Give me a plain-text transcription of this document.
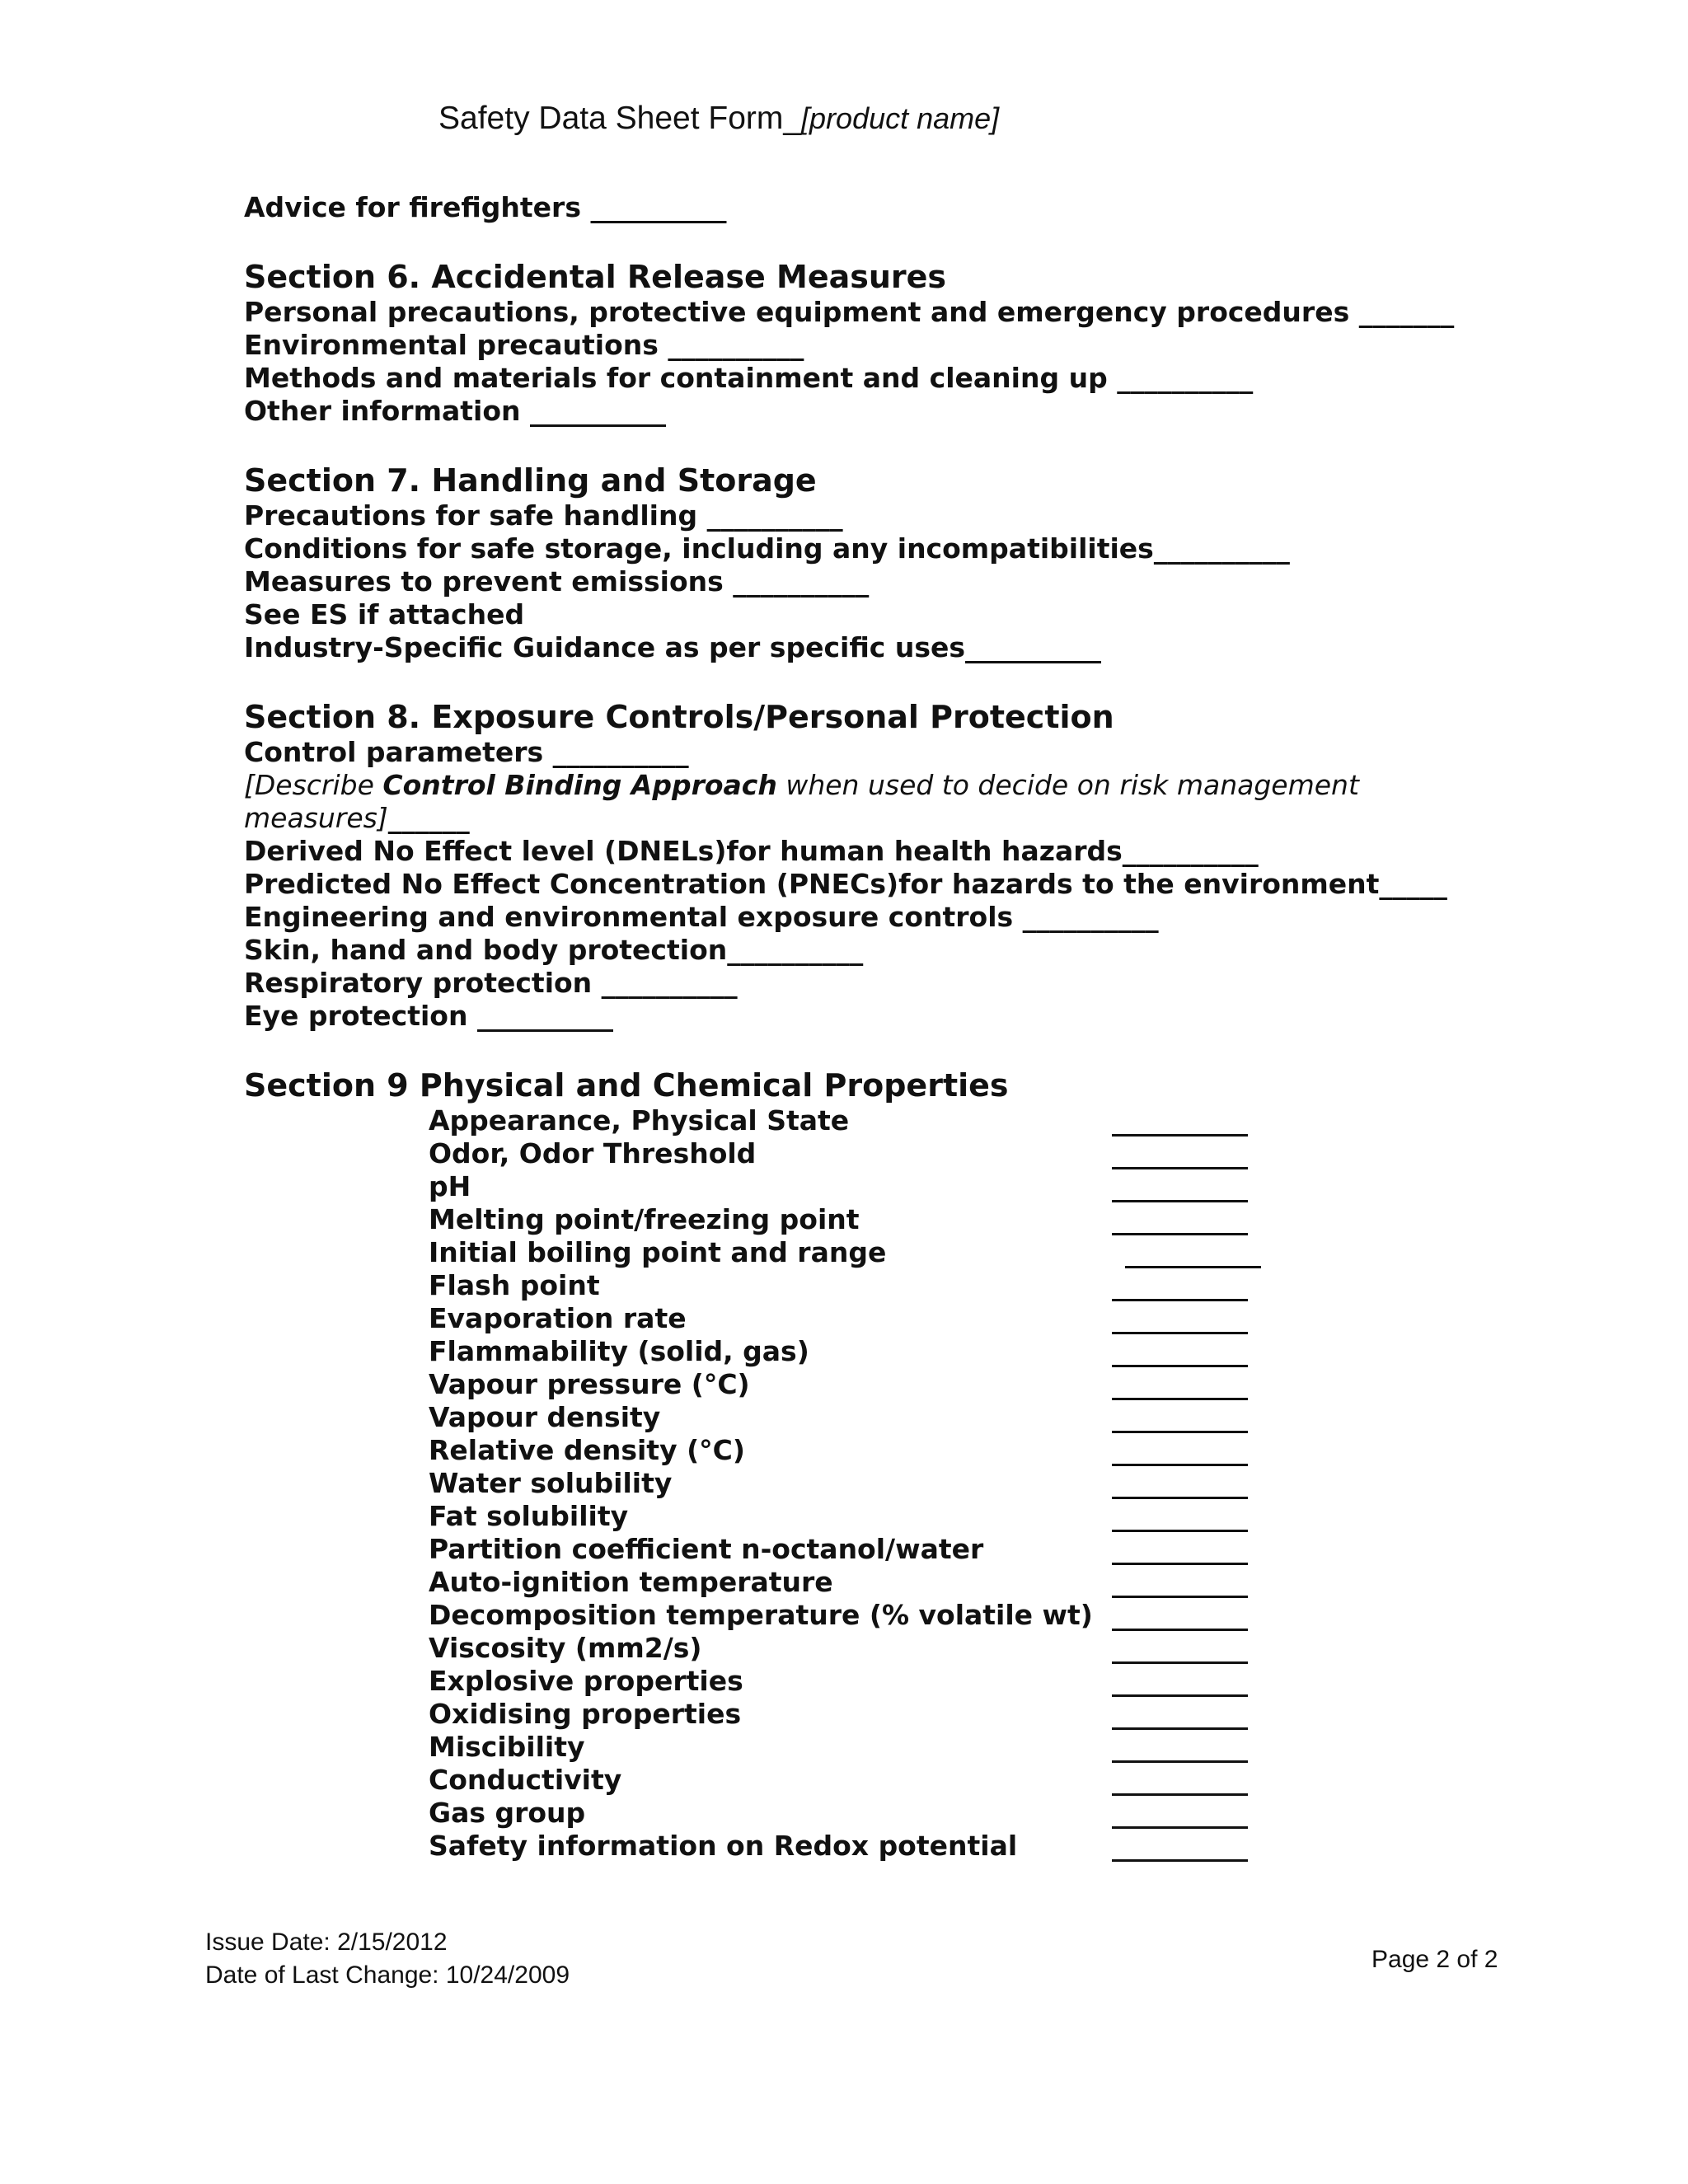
Safety Data Sheet Form_[product name]
Advice for firefighters __________
Section 6. Accidental Release Measures
Personal precautions, protective equipment and emergency procedures _______
Environmental precautions __________
Methods and materials for containment and cleaning up __________
Other information __________
Section 7. Handling and Storage
Precautions for safe handling __________
Conditions for safe storage, including any incompatibilities__________
Measures to prevent emissions __________
See ES if attached
Industry-Specific Guidance as per specific uses__________
Section 8. Exposure Controls/Personal Protection
Control parameters __________
[Describe Control Binding Approach when used to decide on risk management
measures]______
Derived No Effect level (DNELs)for human health hazards__________
Predicted No Effect Concentration (PNECs)for hazards to the environment_____
Engineering and environmental exposure controls __________
Skin, hand and body protection__________
Respiratory protection __________
Eye protection __________
Section 9 Physical and Chemical Properties
Appearance, Physical State	__________
Odor, Odor Threshold	__________
pH	__________
Melting point/freezing point	__________
Initial boiling point and range	__________
Flash point	__________
Evaporation rate	__________
Flammability (solid, gas)	__________
Vapour pressure (°C)	__________
Vapour density	__________
Relative density (°C)	__________
Water solubility	__________
Fat solubility	__________
Partition coefficient n-octanol/water	__________
Auto-ignition temperature	__________
Decomposition temperature (% volatile wt) __________
Viscosity (mm2/s)	__________
Explosive properties	__________
Oxidising properties	__________
Miscibility	__________
Conductivity	__________
Gas group	__________
Safety information on Redox potential	__________
Issue Date: 2/15/2012
Date of Last Change: 10/24/2009
Page 2 of 2
